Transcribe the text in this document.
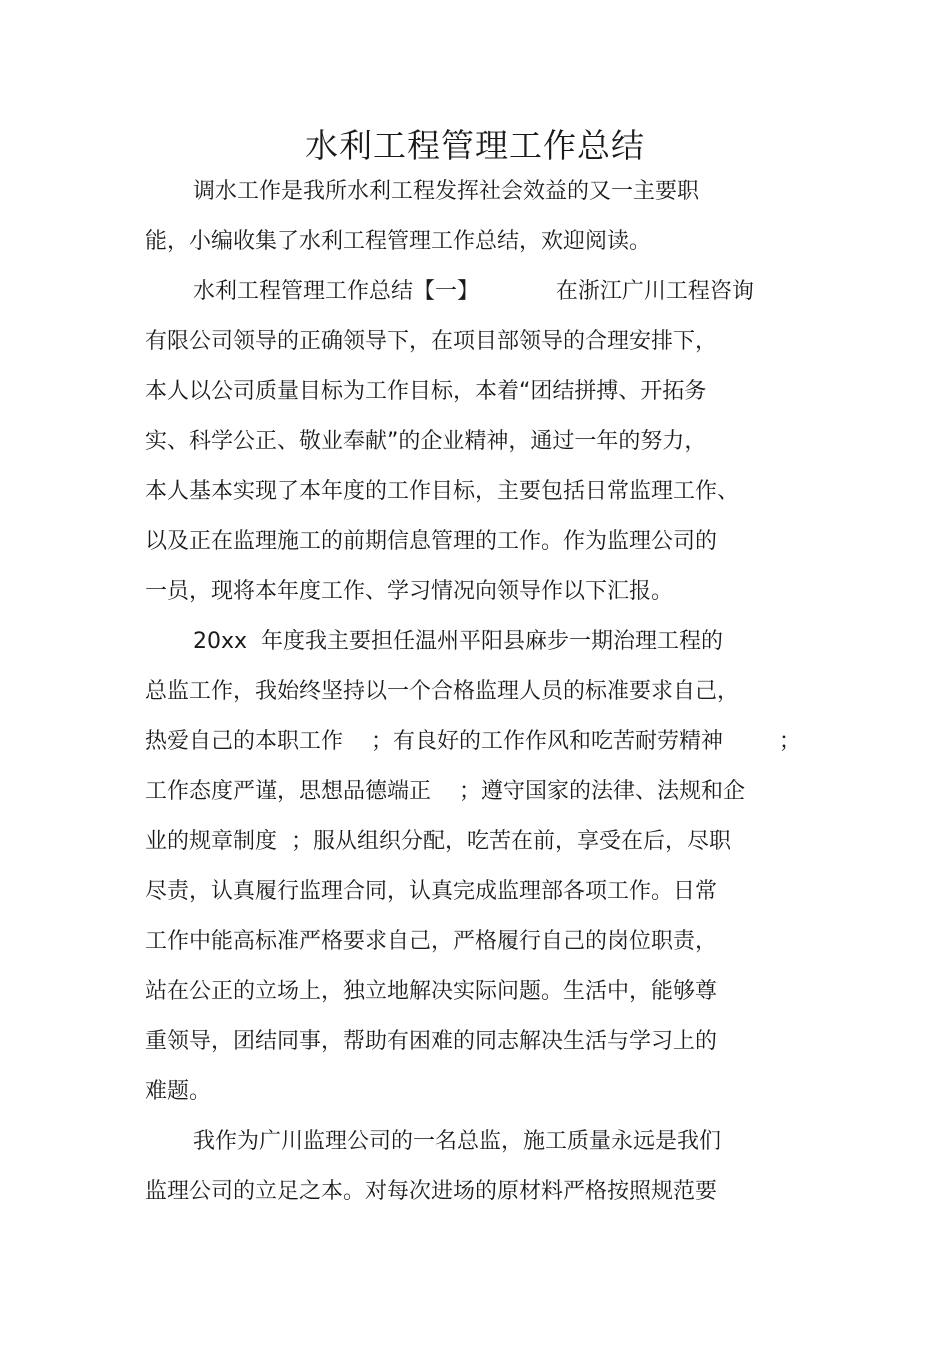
水利工程管理工作总结
调水工作是我所水利工程发挥社会效益的又一主要职
能，小编收集了水利工程管理工作总结，欢迎阅读。
水利工程管理工作总结【一】           在浙江广川工程咨询
有限公司领导的正确领导下，在项目部领导的合理安排下，
本人以公司质量目标为工作目标，本着“团结拼搏、开拓务
实、科学公正、敬业奉献”的企业精神，通过一年的努力，
本人基本实现了本年度的工作目标，主要包括日常监理工作、
以及正在监理施工的前期信息管理的工作。作为监理公司的
一员，现将本年度工作、学习情况向领导作以下汇报。
20xx  年度我主要担任温州平阳县麻步一期治理工程的
总监工作，我始终坚持以一个合格监理人员的标准要求自己，
热爱自己的本职工作    ；有良好的工作作风和吃苦耐劳精神        ；
工作态度严谨，思想品德端正    ；遵守国家的法律、法规和企
业的规章制度  ；服从组织分配，吃苦在前，享受在后，尽职
尽责，认真履行监理合同，认真完成监理部各项工作。日常
工作中能高标准严格要求自己，严格履行自己的岗位职责，
站在公正的立场上，独立地解决实际问题。生活中，能够尊
重领导，团结同事，帮助有困难的同志解决生活与学习上的
难题。
我作为广川监理公司的一名总监，施工质量永远是我们
监理公司的立足之本。对每次进场的原材料严格按照规范要
